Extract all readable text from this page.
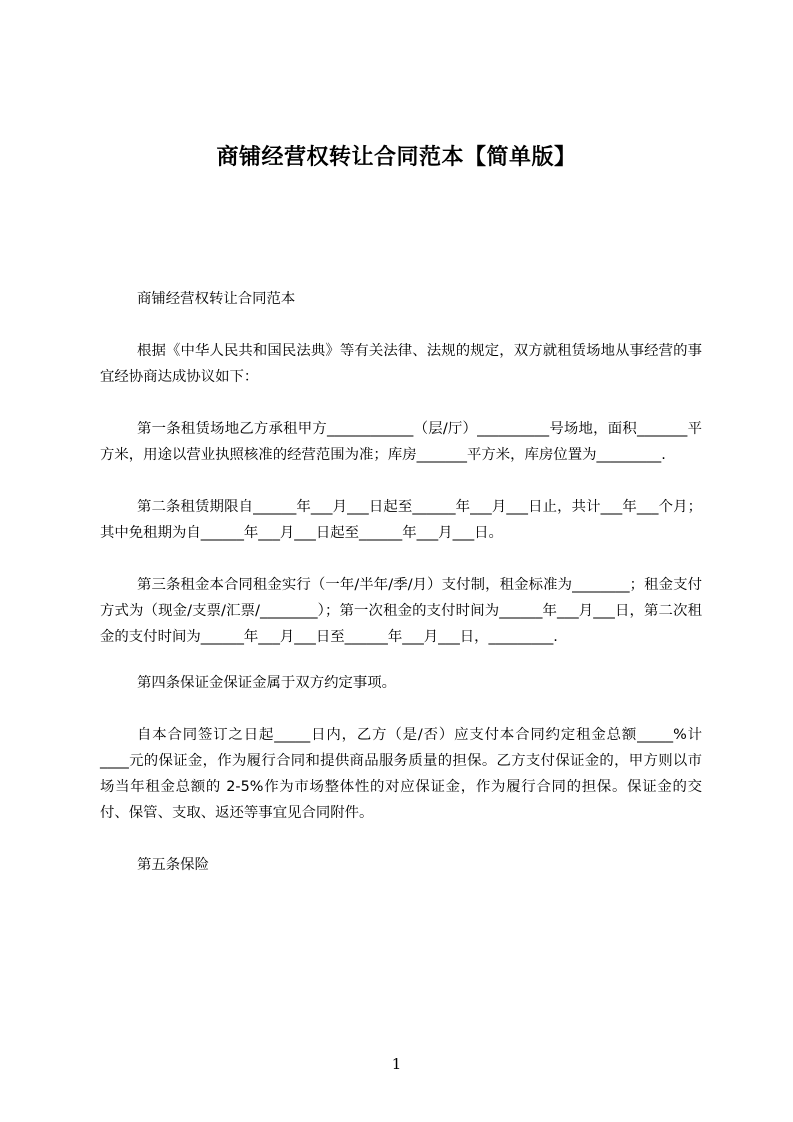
商铺经营权转让合同范本【简单版】

商铺经营权转让合同范本

根据《中华人民共和国民法典》等有关法律、法规的规定，双方就租赁场地从事经营的事宜经协商达成协议如下：

第一条租赁场地乙方承租甲方____________（层/厅）__________号场地，面积_______平方米，用途以营业执照核准的经营范围为准；库房_______平方米，库房位置为_________.

第二条租赁期限自______年___月___日起至______年___月___日止，共计___年___个月；其中免租期为自______年___月___日起至______年___月___日。

第三条租金本合同租金实行（一年/半年/季/月）支付制，租金标准为________；租金支付方式为（现金/支票/汇票/________）；第一次租金的支付时间为______年___月___日，第二次租金的支付时间为______年___月___日至______年___月___日，_________.

第四条保证金保证金属于双方约定事项。

自本合同签订之日起_____日内，乙方（是/否）应支付本合同约定租金总额_____%计____元的保证金，作为履行合同和提供商品服务质量的担保。乙方支付保证金的，甲方则以市场当年租金总额的 2-5%作为市场整体性的对应保证金，作为履行合同的担保。保证金的交付、保管、支取、返还等事宜见合同附件。

第五条保险

1
